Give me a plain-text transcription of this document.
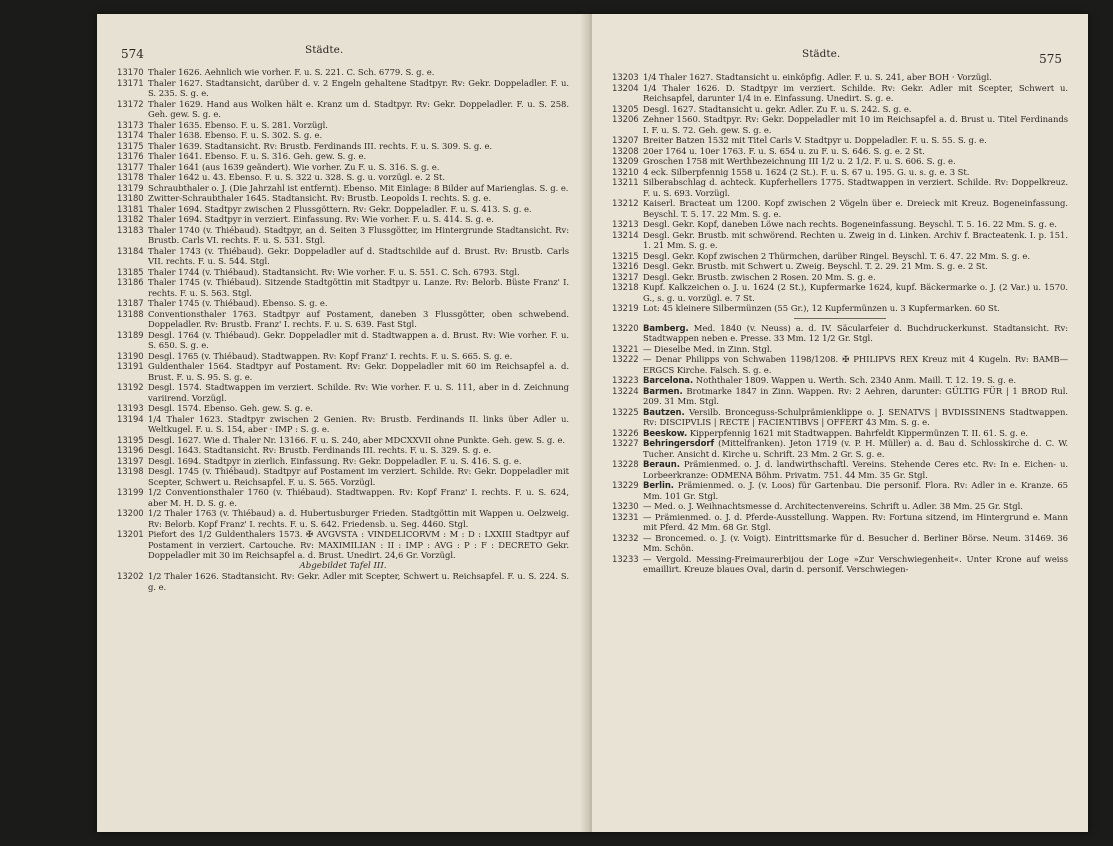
574	Städte.
13170 Thaler 1626. Aehnlich wie vorher. F. u. S. 221. C. Sch. 6779. S. g. e.
13171 Thaler 1627. Stadtansicht, darüber d. v. 2 Engeln gehaltene Stadtpyr. Rv: Gekr. Doppeladler. F. u. S. 235. S. g. e.
13172 Thaler 1629. Hand aus Wolken hält e. Kranz um d. Stadtpyr. Rv: Gekr. Doppeladler. F. u. S. 258. Geh. gew. S. g. e.
13173 Thaler 1635. Ebenso. F. u. S. 281. Vorzügl.
13174 Thaler 1638. Ebenso. F. u. S. 302. S. g. e.
13175 Thaler 1639. Stadtansicht. Rv: Brustb. Ferdinands III. rechts. F. u. S. 309. S. g. e.
13176 Thaler 1641. Ebenso. F. u. S. 316. Geh. gew. S. g. e.
13177 Thaler 1641 (aus 1639 geändert). Wie vorher. Zu F. u. S. 316. S. g. e.
13178 Thaler 1642 u. 43. Ebenso. F. u. S. 322 u. 328. S. g. u. vorzügl. e. 2 St.
13179 Schraubthaler o. J. (Die Jahrzahl ist entfernt). Ebenso. Mit Einlage: 8 Bilder auf Marienglas. S. g. e.
13180 Zwitter-Schraubthaler 1645. Stadtansicht. Rv: Brustb. Leopolds I. rechts. S. g. e.
13181 Thaler 1694. Stadtpyr zwischen 2 Flussgöttern. Rv: Gekr. Doppeladler. F. u. S. 413. S. g. e.
13182 Thaler 1694. Stadtpyr in verziert. Einfassung. Rv: Wie vorher. F. u. S. 414. S. g. e.
13183 Thaler 1740 (v. Thiébaud). Stadtpyr, an d. Seiten 3 Flussgötter, im Hintergrunde Stadtansicht. Rv: Brustb. Carls VI. rechts. F. u. S. 531. Stgl.
13184 Thaler 1743 (v. Thiébaud). Gekr. Doppeladler auf d. Stadtschilde auf d. Brust. Rv: Brustb. Carls VII. rechts. F. u. S. 544. Stgl.
13185 Thaler 1744 (v. Thiébaud). Stadtansicht. Rv: Wie vorher. F. u. S. 551. C. Sch. 6793. Stgl.
13186 Thaler 1745 (v. Thiébaud). Sitzende Stadtgöttin mit Stadtpyr u. Lanze. Rv: Belorb. Büste Franz' I. rechts. F. u. S. 563. Stgl.
13187 Thaler 1745 (v. Thiébaud). Ebenso. S. g. e.
13188 Conventionsthaler 1763. Stadtpyr auf Postament, daneben 3 Flussgötter, oben schwebend. Doppeladler. Rv: Brustb. Franz' I. rechts. F. u. S. 639. Fast Stgl.
13189 Desgl. 1764 (v. Thiébaud). Gekr. Doppeladler mit d. Stadtwappen a. d. Brust. Rv: Wie vorher. F. u. S. 650. S. g. e.
13190 Desgl. 1765 (v. Thiébaud). Stadtwappen. Rv: Kopf Franz' I. rechts. F. u. S. 665. S. g. e.
13191 Guldenthaler 1564. Stadtpyr auf Postament. Rv: Gekr. Doppeladler mit 60 im Reichsapfel a. d. Brust. F. u. S. 95. S. g. e.
13192 Desgl. 1574. Stadtwappen im verziert. Schilde. Rv: Wie vorher. F. u. S. 111, aber in d. Zeichnung variirend. Vorzügl.
13193 Desgl. 1574. Ebenso. Geh. gew. S. g. e.
13194 1/4 Thaler 1623. Stadtpyr zwischen 2 Genien. Rv: Brustb. Ferdinands II. links über Adler u. Weltkugel. F. u. S. 154, aber · IMP : S. g. e.
13195 Desgl. 1627. Wie d. Thaler Nr. 13166. F. u. S. 240, aber MDCXXVII ohne Punkte. Geh. gew. S. g. e.
13196 Desgl. 1643. Stadtansicht. Rv: Brustb. Ferdinands III. rechts. F. u. S. 329. S. g. e.
13197 Desgl. 1694. Stadtpyr in zierlich. Einfassung. Rv: Gekr. Doppeladler. F. u. S. 416. S. g. e.
13198 Desgl. 1745 (v. Thiébaud). Stadtpyr auf Postament im verziert. Schilde. Rv: Gekr. Doppeladler mit Scepter, Schwert u. Reichsapfel. F. u. S. 565. Vorzügl.
13199 1/2 Conventionsthaler 1760 (v. Thiébaud). Stadtwappen. Rv: Kopf Franz' I. rechts. F. u. S. 624, aber M. H. D. S. g. e.
13200 1/2 Thaler 1763 (v. Thiébaud) a. d. Hubertusburger Frieden. Stadtgöttin mit Wappen u. Oelzweig. Rv: Belorb. Kopf Franz' I. rechts. F. u. S. 642. Friedensb. u. Seg. 4460. Stgl.
13201 Piefort des 1/2 Guldenthalers 1573. ✠ AVGVSTA : VINDELICORVM : M : D : LXXIII Stadtpyr auf Postament in verziert. Cartouche. Rv: MAXIMILIAN : II : IMP : AVG : P : F : DECRETO Gekr. Doppeladler mit 30 im Reichsapfel a. d. Brust. Unedirt. 24,6 Gr. Vorzügl.
Abgebildet Tafel III.
13202 1/2 Thaler 1626. Stadtansicht. Rv: Gekr. Adler mit Scepter, Schwert u. Reichsapfel. F. u. S. 224. S. g. e.
Städte.	575
13203 1/4 Thaler 1627. Stadtansicht u. einköpfig. Adler. F. u. S. 241, aber BOH · Vorzügl.
13204 1/4 Thaler 1626. D. Stadtpyr im verziert. Schilde. Rv: Gekr. Adler mit Scepter, Schwert u. Reichsapfel, darunter 1/4 in e. Einfassung. Unedirt. S. g. e.
13205 Desgl. 1627. Stadtansicht u. gekr. Adler. Zu F. u. S. 242. S. g. e.
13206 Zehner 1560. Stadtpyr. Rv: Gekr. Doppeladler mit 10 im Reichsapfel a. d. Brust u. Titel Ferdinands I. F. u. S. 72. Geh. gew. S. g. e.
13207 Breiter Batzen 1532 mit Titel Carls V. Stadtpyr u. Doppeladler. F. u. S. 55. S. g. e.
13208 20er 1764 u. 10er 1763. F. u. S. 654 u. zu F. u. S. 646. S. g. e. 2 St.
13209 Groschen 1758 mit Werthbezeichnung III 1/2 u. 2 1/2. F. u. S. 606. S. g. e.
13210 4 eck. Silberpfennig 1558 u. 1624 (2 St.). F. u. S. 67 u. 195. G. u. s. g. e. 3 St.
13211 Silberabschlag d. achteck. Kupferhellers 1775. Stadtwappen in verziert. Schilde. Rv: Doppelkreuz. F. u. S. 693. Vorzügl.
13212 Kaiserl. Bracteat um 1200. Kopf zwischen 2 Vögeln über e. Dreieck mit Kreuz. Bogeneinfassung. Beyschl. T. 5. 17. 22 Mm. S. g. e.
13213 Desgl. Gekr. Kopf, daneben Löwe nach rechts. Bogeneinfassung. Beyschl. T. 5. 16. 22 Mm. S. g. e.
13214 Desgl. Gekr. Brustb. mit schwörend. Rechten u. Zweig in d. Linken. Archiv f. Bracteatenk. I. p. 151. 1. 21 Mm. S. g. e.
13215 Desgl. Gekr. Kopf zwischen 2 Thürmchen, darüber Ringel. Beyschl. T. 6. 47. 22 Mm. S. g. e.
13216 Desgl. Gekr. Brustb. mit Schwert u. Zweig. Beyschl. T. 2. 29. 21 Mm. S. g. e. 2 St.
13217 Desgl. Gekr. Brustb. zwischen 2 Rosen. 20 Mm. S. g. e.
13218 Kupf. Kalkzeichen o. J. u. 1624 (2 St.), Kupfermarke 1624, kupf. Bäckermarke o. J. (2 Var.) u. 1570. G., s. g. u. vorzügl. e. 7 St.
13219 Lot: 45 kleinere Silbermünzen (55 Gr.), 12 Kupfermünzen u. 3 Kupfermarken. 60 St.
13220 Bamberg. Med. 1840 (v. Neuss) a. d. IV. Säcularfeier d. Buchdruckerkunst. Stadtansicht. Rv: Stadtwappen neben e. Presse. 33 Mm. 12 1/2 Gr. Stgl.
13221 — Dieselbe Med. in Zinn. Stgl.
13222 — Denar Philipps von Schwaben 1198/1208. ✠ PHILIPVS REX Kreuz mit 4 Kugeln. Rv: BAMB—ERGCS Kirche. Falsch. S. g. e.
13223 Barcelona. Noththaler 1809. Wappen u. Werth. Sch. 2340 Anm. Maill. T. 12. 19. S. g. e.
13224 Barmen. Brotmarke 1847 in Zinn. Wappen. Rv: 2 Aehren, darunter: GÜLTIG FÜR | 1 BROD Rul. 209. 31 Mm. Stgl.
13225 Bautzen. Versilb. Broncеguss-Schulprämienklippe o. J. SENATVS | BVDISSINENS Stadtwappen. Rv: DISCIPVLIS | RECTE | FACIENTIBVS | OFFERT 43 Mm. S. g. e.
13226 Beeskow. Kipperpfennig 1621 mit Stadtwappen. Bahrfeldt Kippermünzen T. II. 61. S. g. e.
13227 Behringersdorf (Mittelfranken). Jeton 1719 (v. P. H. Müller) a. d. Bau d. Schlosskirche d. C. W. Tucher. Ansicht d. Kirche u. Schrift. 23 Mm. 2 Gr. S. g. e.
13228 Beraun. Prämienmed. o. J. d. landwirthschaftl. Vereins. Stehende Ceres etc. Rv: In e. Eichen- u. Lorbeerkranze: ODMENA Böhm. Privatm. 751. 44 Mm. 35 Gr. Stgl.
13229 Berlin. Prämienmed. o. J. (v. Loos) für Gartenbau. Die personif. Flora. Rv: Adler in e. Kranze. 65 Mm. 101 Gr. Stgl.
13230 — Med. o. J. Weihnachtsmesse d. Architectenvereins. Schrift u. Adler. 38 Mm. 25 Gr. Stgl.
13231 — Prämienmed. o. J. d. Pferde-Ausstellung. Wappen. Rv: Fortuna sitzend, im Hintergrund e. Mann mit Pferd. 42 Mm. 68 Gr. Stgl.
13232 — Broncemed. o. J. (v. Voigt). Eintrittsmarke für d. Besucher d. Berliner Börse. Neum. 31469. 36 Mm. Schön.
13233 — Vergold. Messing-Freimaurerbijou der Loge »Zur Verschwiegenheit«. Unter Krone auf weiss emaillirt. Kreuze blaues Oval, darin d. personif. Verschwiegen-
